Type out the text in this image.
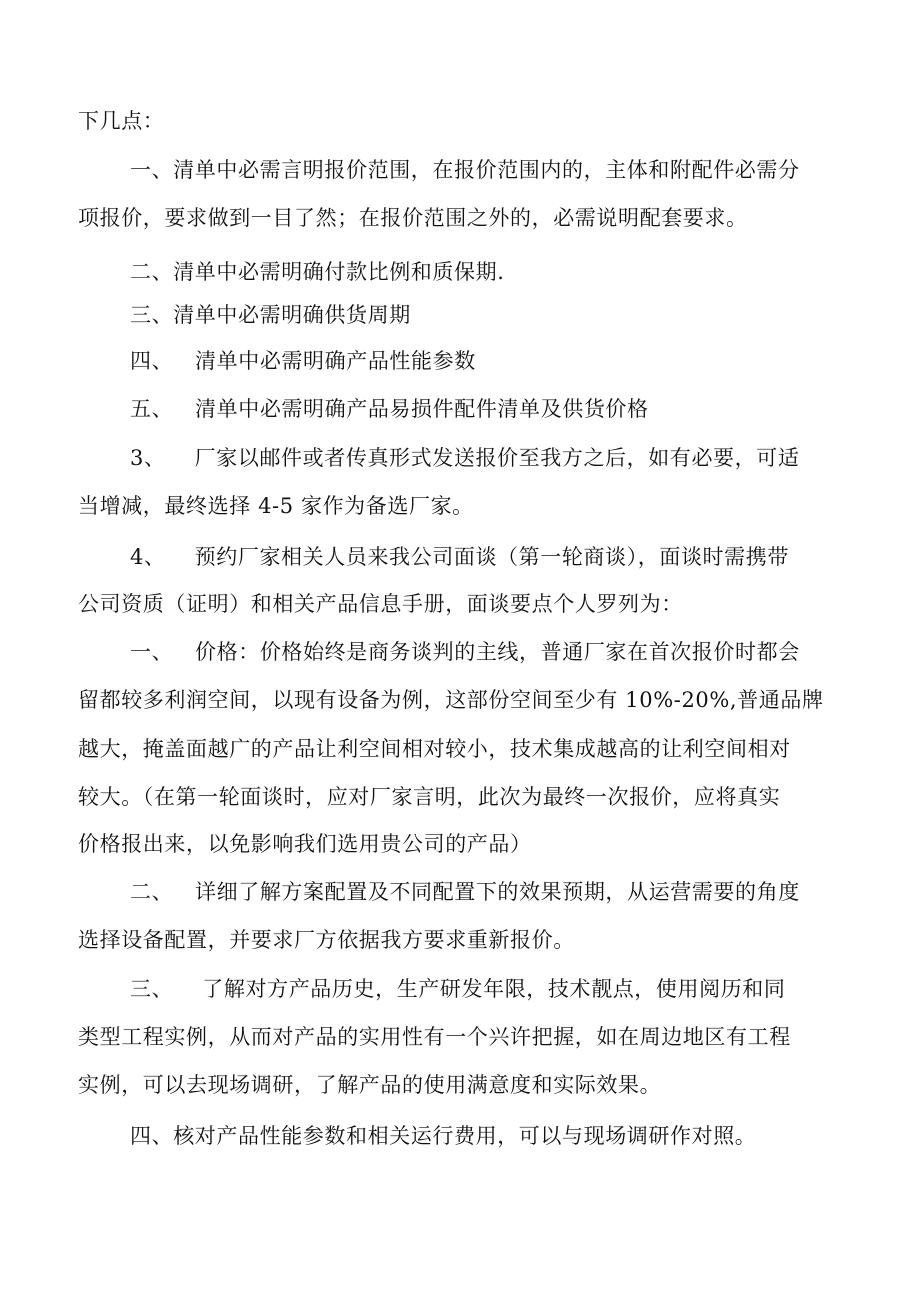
下几点：
一、清单中必需言明报价范围，在报价范围内的，主体和附配件必需分
项报价，要求做到一目了然；在报价范围之外的，必需说明配套要求。
二、清单中必需明确付款比例和质保期.
三、清单中必需明确供货周期
四、   清单中必需明确产品性能参数
五、   清单中必需明确产品易损件配件清单及供货价格
3、    厂家以邮件或者传真形式发送报价至我方之后，如有必要，可适
当增减，最终选择 4-5 家作为备选厂家。
4、    预约厂家相关人员来我公司面谈（第一轮商谈），面谈时需携带
公司资质（证明）和相关产品信息手册，面谈要点个人罗列为：
一、   价格：价格始终是商务谈判的主线，普通厂家在首次报价时都会
留都较多利润空间，以现有设备为例，这部份空间至少有 10%-20%,普通品牌
越大，掩盖面越广的产品让利空间相对较小，技术集成越高的让利空间相对
较大。（在第一轮面谈时，应对厂家言明，此次为最终一次报价，应将真实
价格报出来，以免影响我们选用贵公司的产品）
二、   详细了解方案配置及不同配置下的效果预期，从运营需要的角度
选择设备配置，并要求厂方依据我方要求重新报价。
三、    了解对方产品历史，生产研发年限，技术靓点，使用阅历和同
类型工程实例，从而对产品的实用性有一个兴许把握，如在周边地区有工程
实例，可以去现场调研，了解产品的使用满意度和实际效果。
四、核对产品性能参数和相关运行费用，可以与现场调研作对照。
